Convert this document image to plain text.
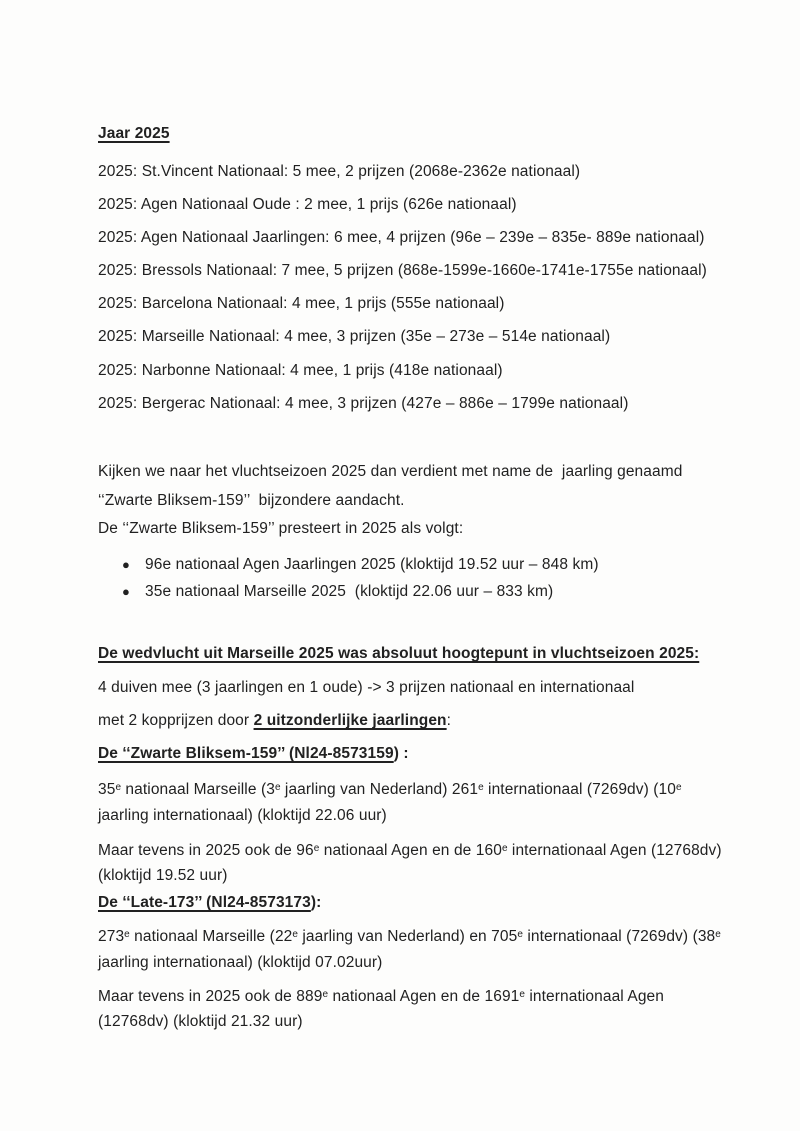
Jaar 2025

2025: St.Vincent Nationaal: 5 mee, 2 prijzen (2068e-2362e nationaal)

2025: Agen Nationaal Oude : 2 mee, 1 prijs (626e nationaal)

2025: Agen Nationaal Jaarlingen: 6 mee, 4 prijzen (96e – 239e – 835e- 889e nationaal)

2025: Bressols Nationaal: 7 mee, 5 prijzen (868e-1599e-1660e-1741e-1755e nationaal)

2025: Barcelona Nationaal: 4 mee, 1 prijs (555e nationaal)

2025: Marseille Nationaal: 4 mee, 3 prijzen (35e – 273e – 514e nationaal)

2025: Narbonne Nationaal: 4 mee, 1 prijs (418e nationaal)

2025: Bergerac Nationaal: 4 mee, 3 prijzen (427e – 886e – 1799e nationaal)

Kijken we naar het vluchtseizoen 2025 dan verdient met name de  jaarling genaamd

‘‘Zwarte Bliksem-159’’  bijzondere aandacht.

De ‘‘Zwarte Bliksem-159’’ presteert in 2025 als volgt:

● 96e nationaal Agen Jaarlingen 2025 (kloktijd 19.52 uur – 848 km)
● 35e nationaal Marseille 2025  (kloktijd 22.06 uur – 833 km)

De wedvlucht uit Marseille 2025 was absoluut hoogtepunt in vluchtseizoen 2025:

4 duiven mee (3 jaarlingen en 1 oude) -> 3 prijzen nationaal en internationaal

met 2 kopprijzen door 2 uitzonderlijke jaarlingen:

De ‘‘Zwarte Bliksem-159’’ (Nl24-8573159) :

35e nationaal Marseille (3e jaarling van Nederland) 261e internationaal (7269dv) (10e

jaarling internationaal) (kloktijd 22.06 uur)

Maar tevens in 2025 ook de 96e nationaal Agen en de 160e internationaal Agen (12768dv)

(kloktijd 19.52 uur)

De ‘‘Late-173’’ (Nl24-8573173):

273e nationaal Marseille (22e jaarling van Nederland) en 705e internationaal (7269dv) (38e

jaarling internationaal) (kloktijd 07.02uur)

Maar tevens in 2025 ook de 889e nationaal Agen en de 1691e internationaal Agen

(12768dv) (kloktijd 21.32 uur)
